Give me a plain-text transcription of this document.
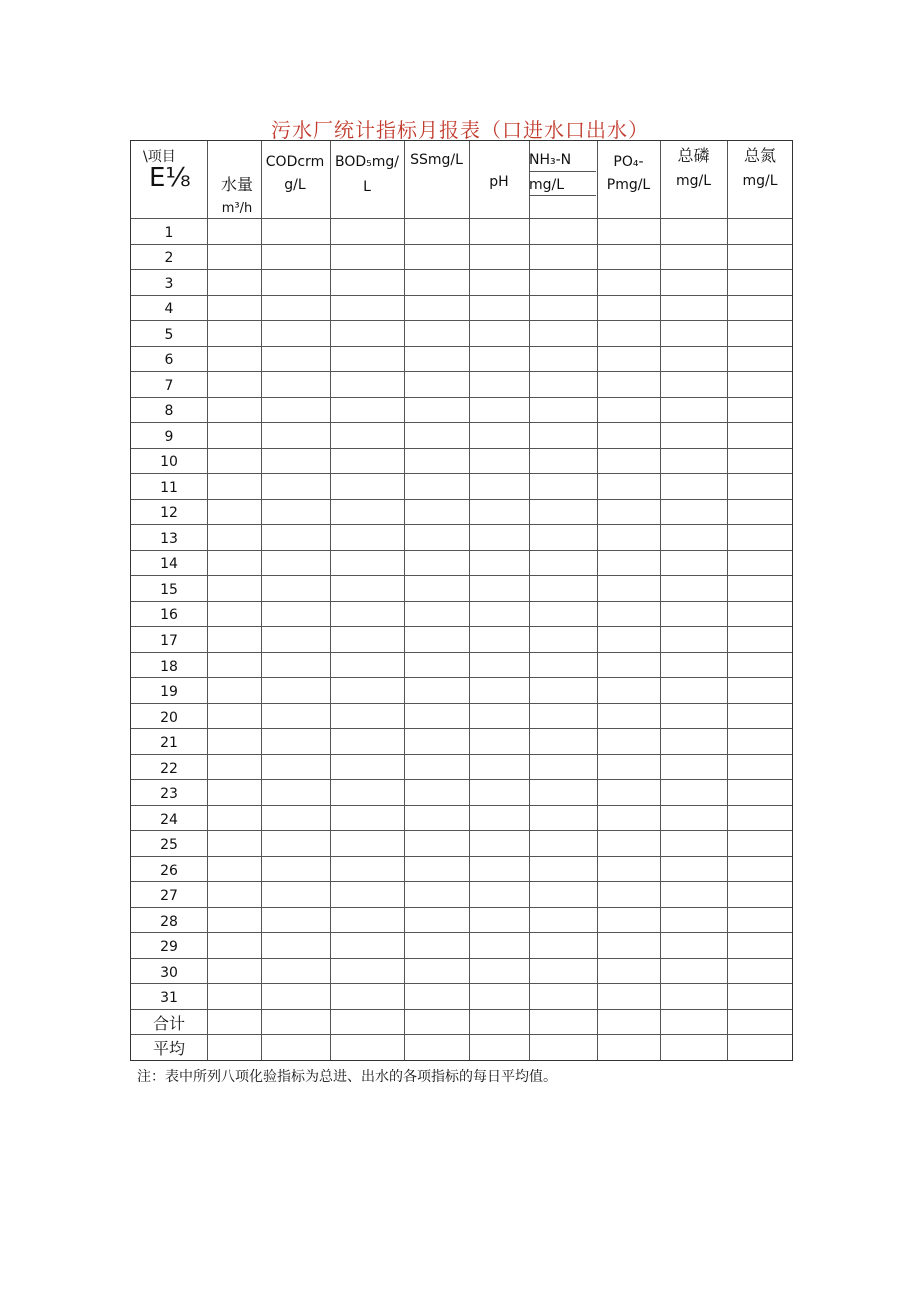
污水厂统计指标月报表（口进水口出水）
\项目
E⅛	水量
m³/h
CODcrm
g/L
BOD₅mg/
L
SSmg/L
pH
NH₃-N
mg/L
PO₄-
Pmg/L
总磷
mg/L
总氮
mg/L
1
2
3
4
5
6
7
8
9
10
11
12
13
14
15
16
17
18
19
20
21
22
23
24
25
26
27
28
29
30
31
合计
平均
注：表中所列八项化验指标为总进、出水的各项指标的每日平均值。
